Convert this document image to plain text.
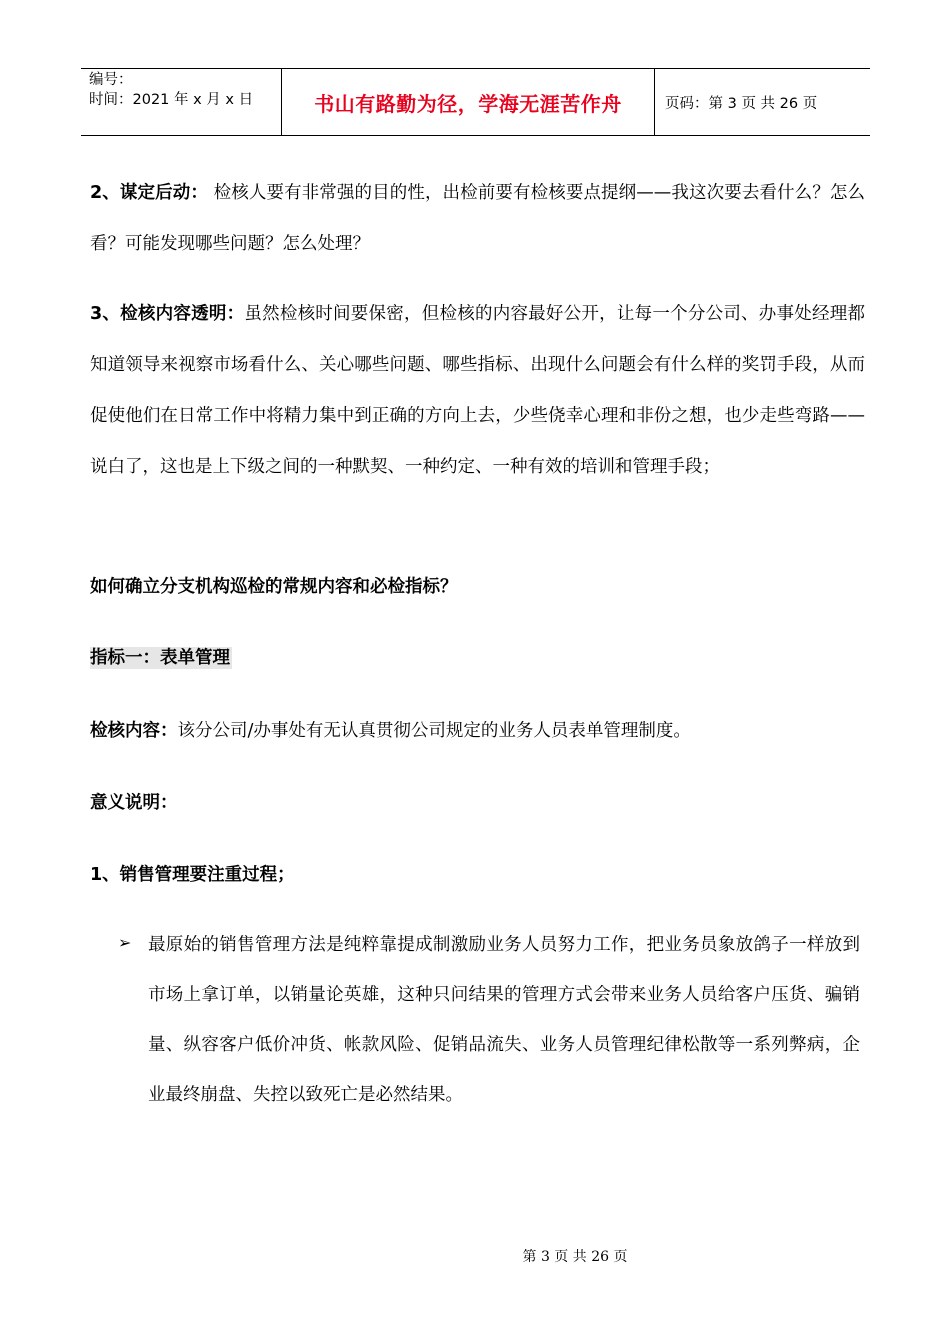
编号：
时间：2021 年 x 月 x 日	书山有路勤为径，学海无涯苦作舟	页码：第 3 页 共 26 页
2、谋定后动： 检核人要有非常强的目的性，出检前要有检核要点提纲——我这次要去看什么？怎么看？可能发现哪些问题？怎么处理？
3、检核内容透明：虽然检核时间要保密，但检核的内容最好公开，让每一个分公司、办事处经理都知道领导来视察市场看什么、关心哪些问题、哪些指标、出现什么问题会有什么样的奖罚手段，从而促使他们在日常工作中将精力集中到正确的方向上去，少些侥幸心理和非份之想，也少走些弯路——说白了，这也是上下级之间的一种默契、一种约定、一种有效的培训和管理手段；
如何确立分支机构巡检的常规内容和必检指标？
指标一：表单管理
检核内容：该分公司/办事处有无认真贯彻公司规定的业务人员表单管理制度。
意义说明：
1、销售管理要注重过程；
➢ 最原始的销售管理方法是纯粹靠提成制激励业务人员努力工作，把业务员象放鸽子一样放到市场上拿订单，以销量论英雄，这种只问结果的管理方式会带来业务人员给客户压货、骗销量、纵容客户低价冲货、帐款风险、促销品流失、业务人员管理纪律松散等一系列弊病，企业最终崩盘、失控以致死亡是必然结果。
第 3 页 共 26 页
